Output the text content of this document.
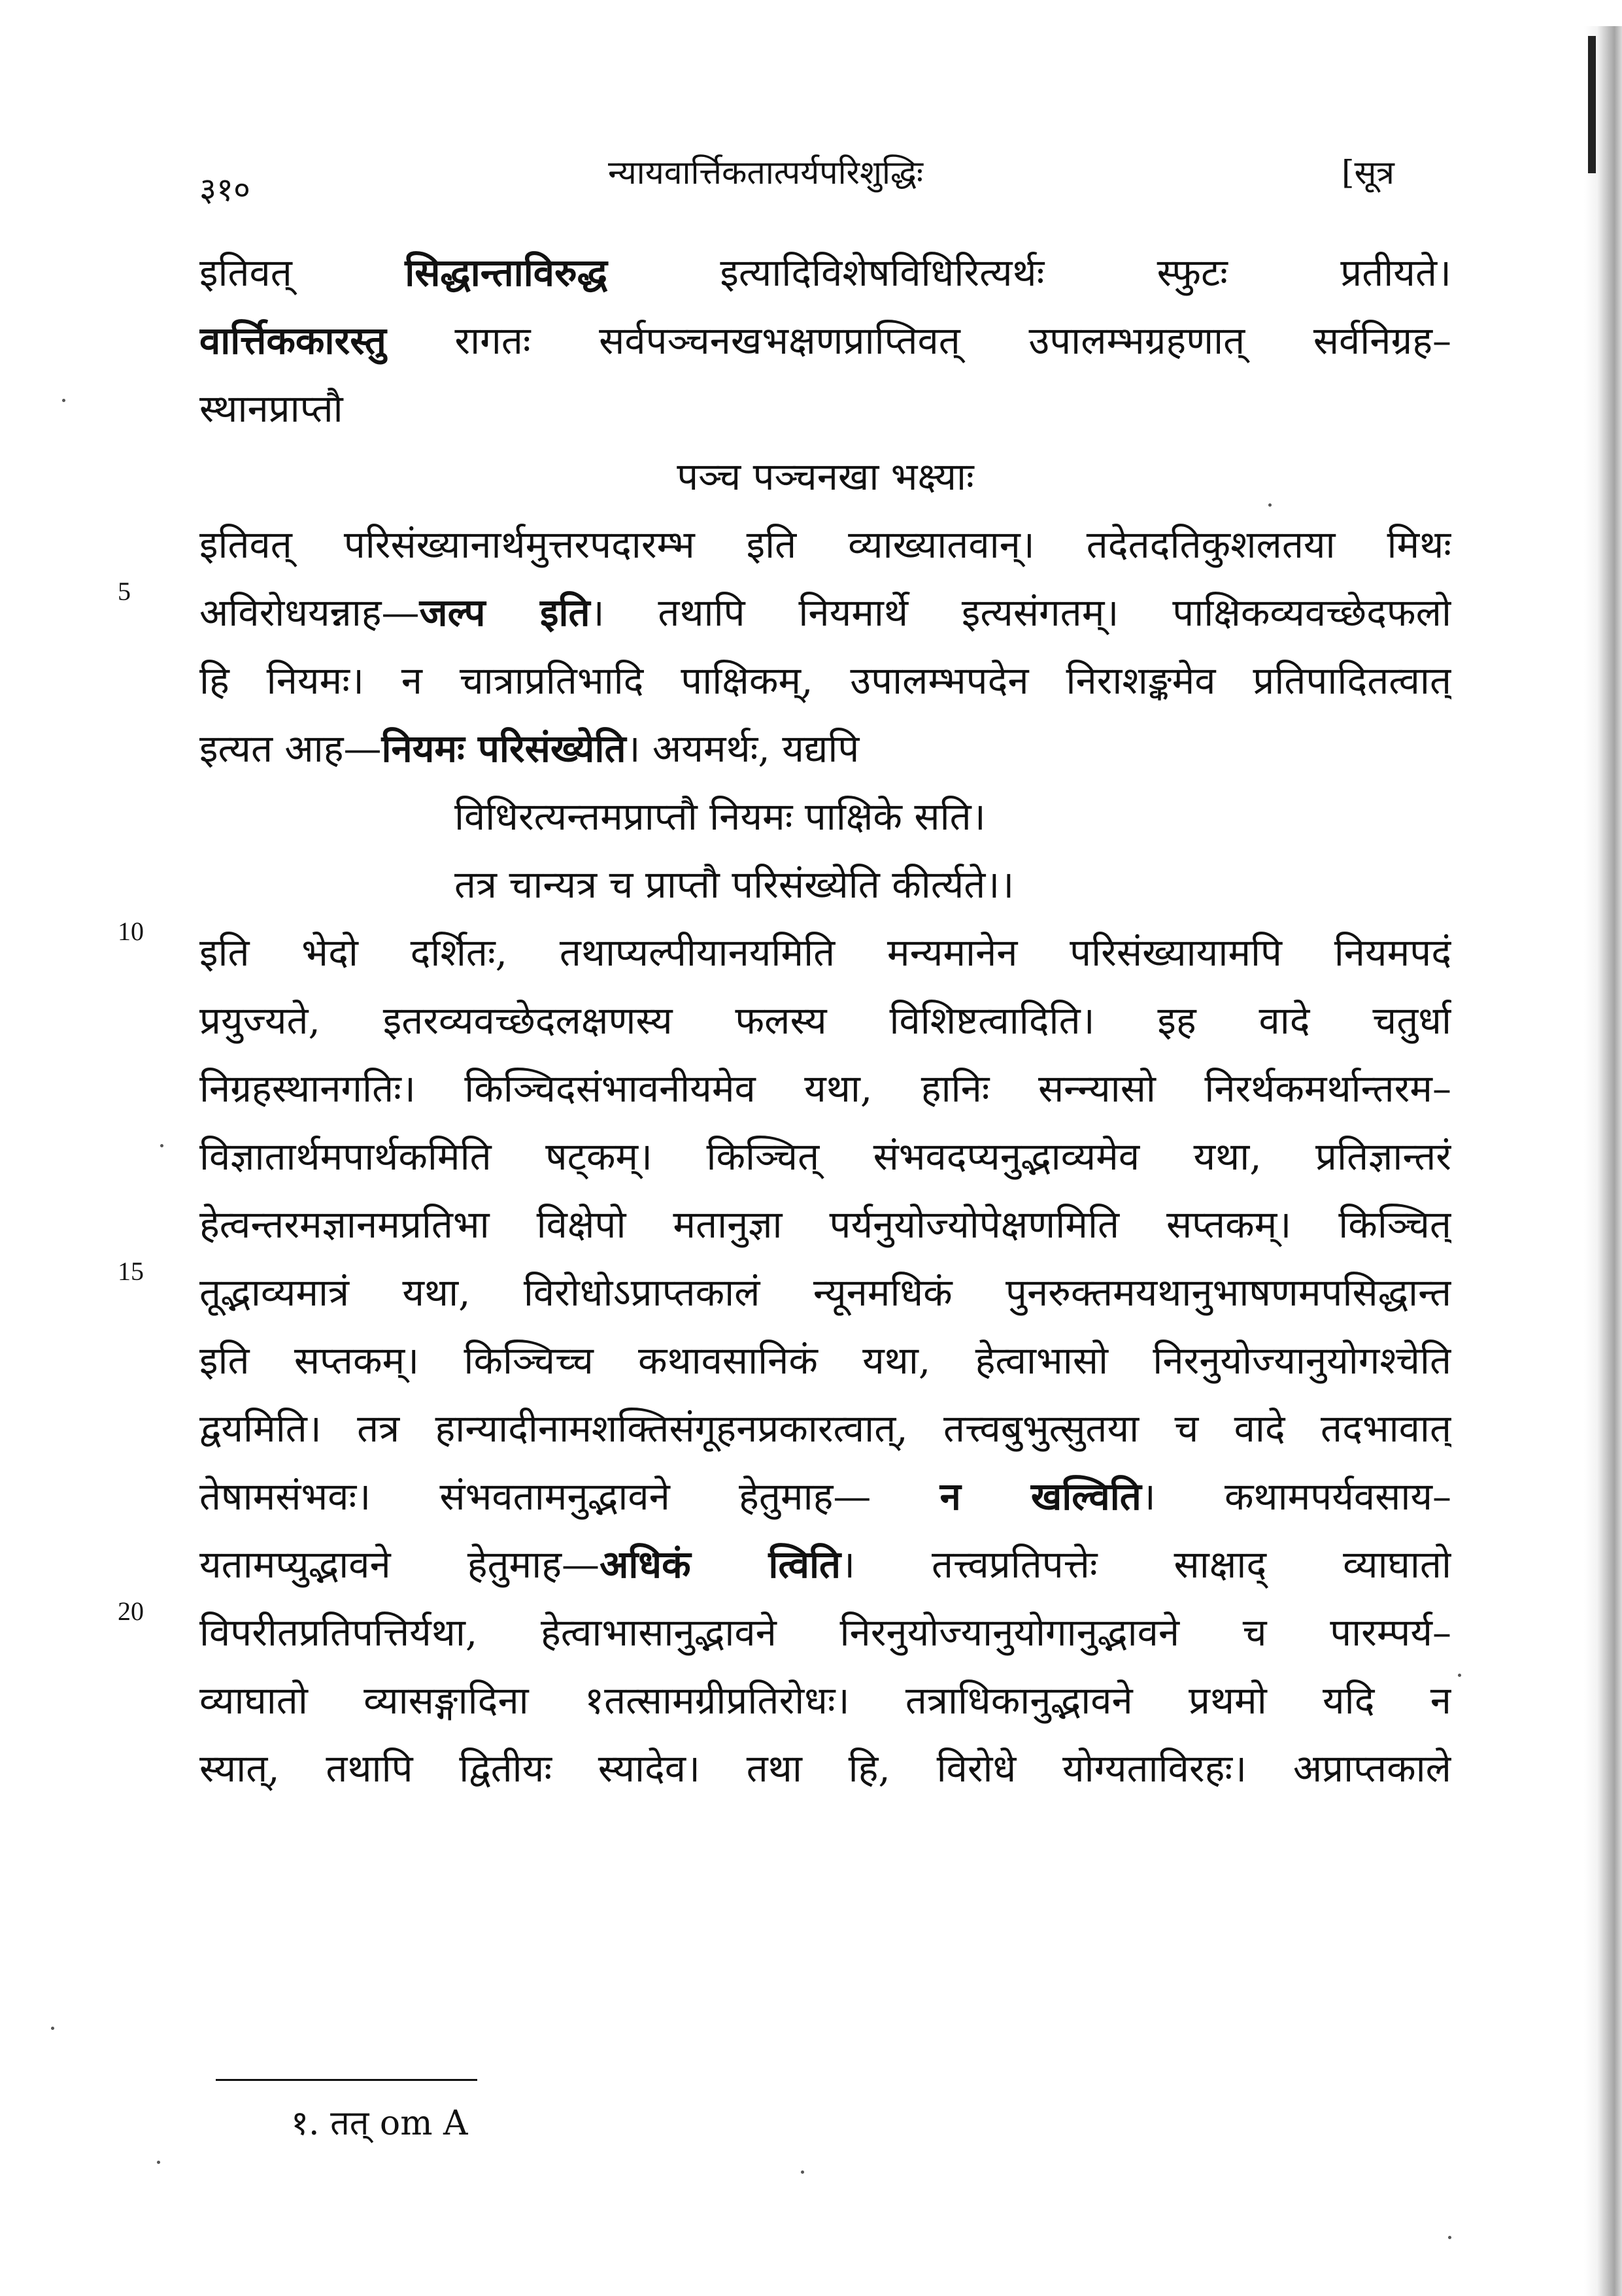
३१०	न्यायवार्त्तिकतात्पर्यपरिशुद्धिः	[सूत्र
5
10
15
20
इतिवत् सिद्धान्ताविरुद्ध इत्यादिविशेषविधिरित्यर्थः स्फुटः प्रतीयते।
वार्त्तिककारस्तु रागतः सर्वपञ्चनखभक्षणप्राप्तिवत् उपालम्भग्रहणात् सर्वनिग्रह–
स्थानप्राप्तौ
पञ्च पञ्चनखा भक्ष्याः
इतिवत् परिसंख्यानार्थमुत्तरपदारम्भ इति व्याख्यातवान्। तदेतदतिकुशलतया मिथः
अविरोधयन्नाह—जल्प इति। तथापि नियमार्थे इत्यसंगतम्। पाक्षिकव्यवच्छेदफलो
हि नियमः। न चात्राप्रतिभादि पाक्षिकम्, उपालम्भपदेन निराशङ्कमेव प्रतिपादितत्वात्
इत्यत आह—नियमः परिसंख्येति। अयमर्थः, यद्यपि
विधिरत्यन्तमप्राप्तौ नियमः पाक्षिके सति।
तत्र चान्यत्र च प्राप्तौ परिसंख्येति कीर्त्यते।।
इति भेदो दर्शितः, तथाप्यल्पीयानयमिति मन्यमानेन परिसंख्यायामपि नियमपदं
प्रयुज्यते, इतरव्यवच्छेदलक्षणस्य फलस्य विशिष्टत्वादिति। इह वादे चतुर्धा
निग्रहस्थानगतिः। किञ्चिदसंभावनीयमेव यथा, हानिः सन्न्यासो निरर्थकमर्थान्तरम–
विज्ञातार्थमपार्थकमिति षट्कम्। किञ्चित् संभवदप्यनुद्भाव्यमेव यथा, प्रतिज्ञान्तरं
हेत्वन्तरमज्ञानमप्रतिभा विक्षेपो मतानुज्ञा पर्यनुयोज्योपेक्षणमिति सप्तकम्। किञ्चित्
तूद्भाव्यमात्रं यथा, विरोधोऽप्राप्तकालं न्यूनमधिकं पुनरुक्तमयथानुभाषणमपसिद्धान्त
इति सप्तकम्। किञ्चिच्च कथावसानिकं यथा, हेत्वाभासो निरनुयोज्यानुयोगश्चेति
द्वयमिति। तत्र हान्यादीनामशक्तिसंगूहनप्रकारत्वात्, तत्त्वबुभुत्सुतया च वादे तदभावात्
तेषामसंभवः। संभवतामनुद्भावने हेतुमाह— न खल्विति। कथामपर्यवसाय–
यतामप्युद्भावने हेतुमाह—अधिकं त्विति। तत्त्वप्रतिपत्तेः साक्षाद् व्याघातो
विपरीतप्रतिपत्तिर्यथा, हेत्वाभासानुद्भावने निरनुयोज्यानुयोगानुद्भावने च पारम्पर्य–
व्याघातो व्यासङ्गादिना १तत्सामग्रीप्रतिरोधः। तत्राधिकानुद्भावने प्रथमो यदि न
स्यात्, तथापि द्वितीयः स्यादेव। तथा हि, विरोधे योग्यताविरहः। अप्राप्तकाले
१. तत् om A
